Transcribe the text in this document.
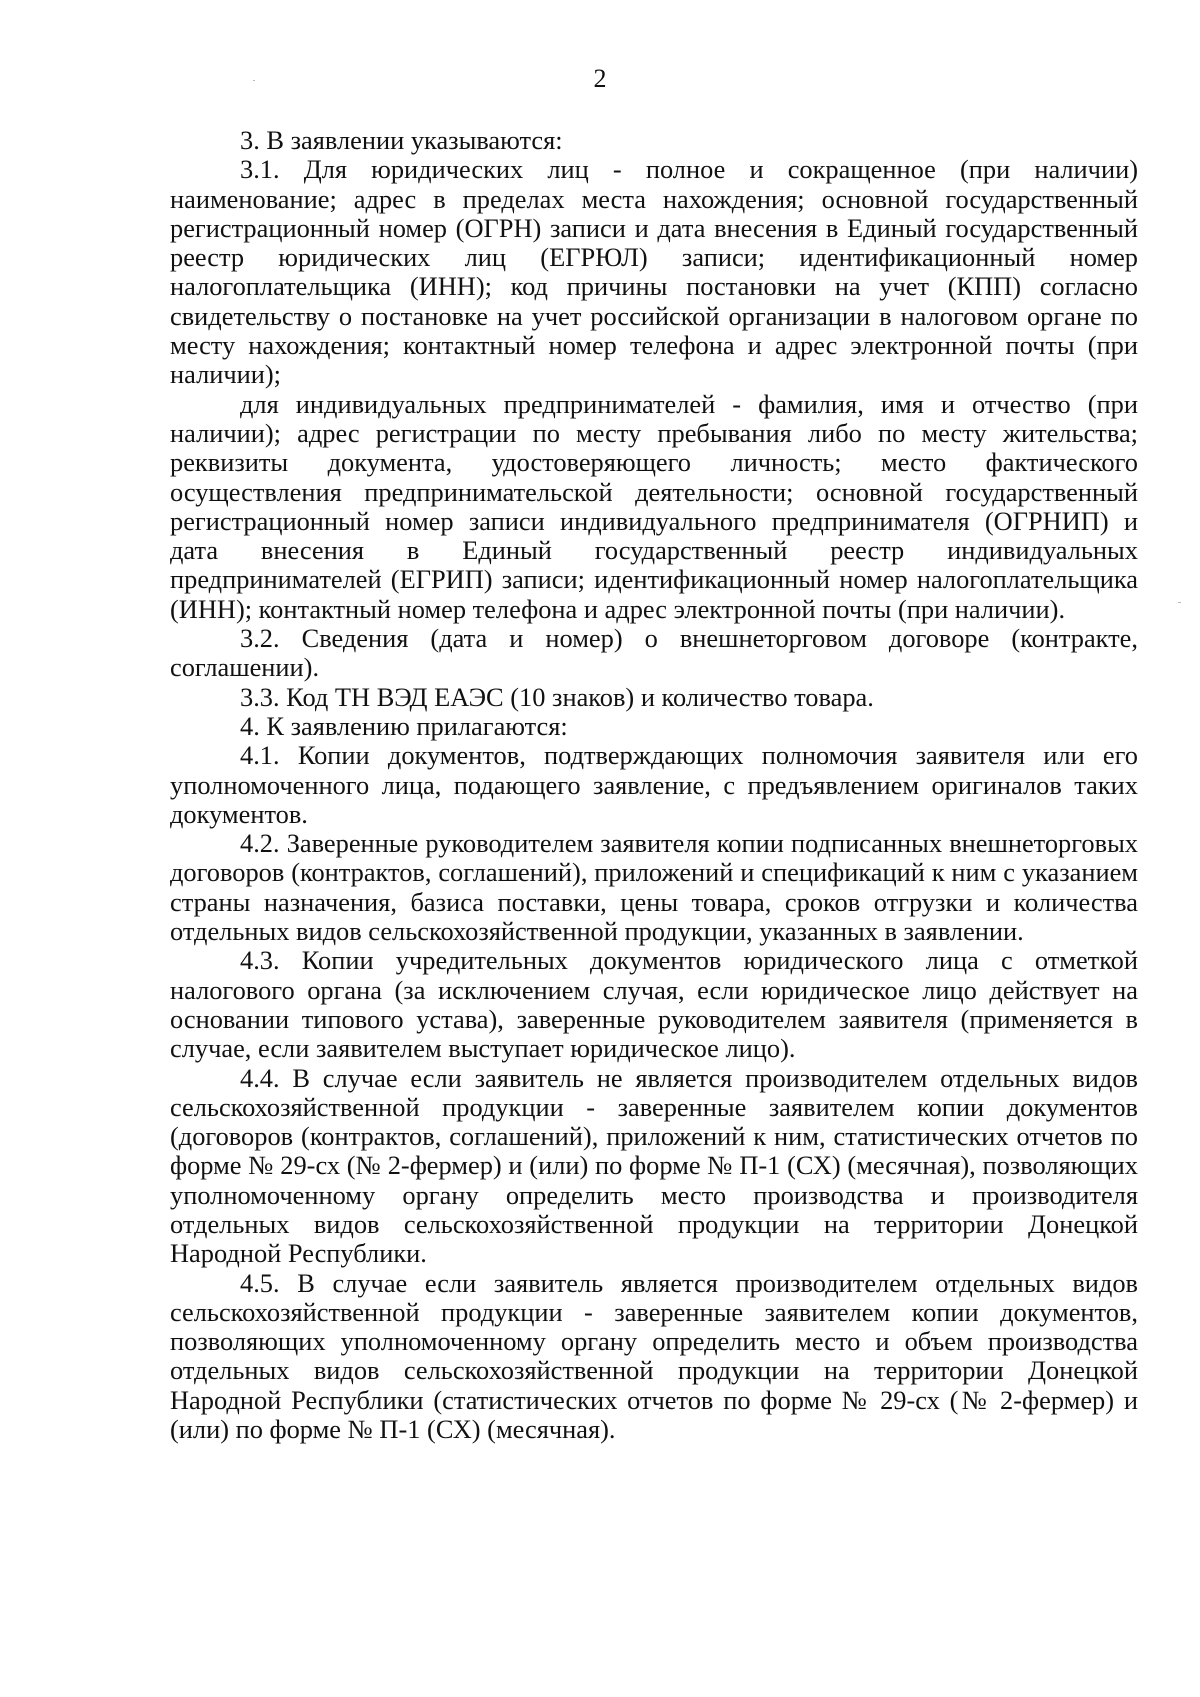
2

3. В заявлении указываются:

3.1. Для юридических лиц - полное и сокращенное (при наличии) наименование; адрес в пределах места нахождения; основной государственный регистрационный номер (ОГРН) записи и дата внесения в Единый государственный реестр юридических лиц (ЕГРЮЛ) записи; идентификационный номер налогоплательщика (ИНН); код причины постановки на учет (КПП) согласно свидетельству о постановке на учет российской организации в налоговом органе по месту нахождения; контактный номер телефона и адрес электронной почты (при наличии);

для индивидуальных предпринимателей - фамилия, имя и отчество (при наличии); адрес регистрации по месту пребывания либо по месту жительства; реквизиты документа, удостоверяющего личность; место фактического осуществления предпринимательской деятельности; основной государственный регистрационный номер записи индивидуального предпринимателя (ОГРНИП) и дата внесения в Единый государственный реестр индивидуальных предпринимателей (ЕГРИП) записи; идентификационный номер налогоплательщика (ИНН); контактный номер телефона и адрес электронной почты (при наличии).

3.2. Сведения (дата и номер) о внешнеторговом договоре (контракте, соглашении).

3.3. Код ТН ВЭД ЕАЭС (10 знаков) и количество товара.

4. К заявлению прилагаются:

4.1. Копии документов, подтверждающих полномочия заявителя или его уполномоченного лица, подающего заявление, с предъявлением оригиналов таких документов.

4.2. Заверенные руководителем заявителя копии подписанных внешнеторговых договоров (контрактов, соглашений), приложений и спецификаций к ним с указанием страны назначения, базиса поставки, цены товара, сроков отгрузки и количества отдельных видов сельскохозяйственной продукции, указанных в заявлении.

4.3. Копии учредительных документов юридического лица с отметкой налогового органа (за исключением случая, если юридическое лицо действует на основании типового устава), заверенные руководителем заявителя (применяется в случае, если заявителем выступает юридическое лицо).

4.4. В случае если заявитель не является производителем отдельных видов сельскохозяйственной продукции - заверенные заявителем копии документов (договоров (контрактов, соглашений), приложений к ним, статистических отчетов по форме № 29-сх (№ 2-фермер) и (или) по форме № П-1 (СХ) (месячная), позволяющих уполномоченному органу определить место производства и производителя отдельных видов сельскохозяйственной продукции на территории Донецкой Народной Республики.

4.5. В случае если заявитель является производителем отдельных видов сельскохозяйственной продукции - заверенные заявителем копии документов, позволяющих уполномоченному органу определить место и объем производства отдельных видов сельскохозяйственной продукции на территории Донецкой Народной Республики (статистических отчетов по форме № 29-сх (№ 2-фермер) и (или) по форме № П-1 (СХ) (месячная).
